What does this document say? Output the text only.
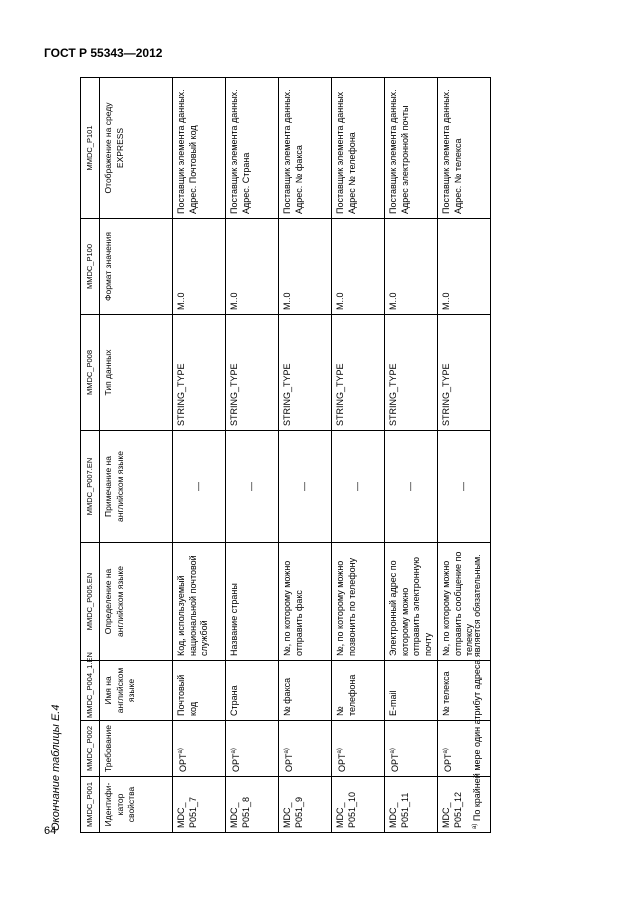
ГОСТ Р 55343—2012
Окончание таблицы Е.4	MMDC_P001	MMDC_P002	MMDC_P004_1.EN	MMDC_P005.EN	MMDC_P007.EN	MMDC_P008	MMDC_P100	MMDC_P101
Идентифи-катор свойства	Требование	Имя на английском языке	Определение на английском языке	Примечание на английском языке	Тип данных	Формат значения	Отображение на среду EXPRESS
MDC_ P051_7	OPT$^{a)}$	Почтовый код	Код, используемый национальной почтовой службой	—	STRING_TYPE	M..0	Поставщик элемента данных. Адрес. Почтовый код
MDC_ P051_8	OPT$^{a)}$	Страна	Название страны	—	STRING_TYPE	M..0	Поставщик элемента данных. Адрес. Страна
MDC_ P051_9	OPT$^{a)}$	№ факса	№, по которому можно отправить факс	—	STRING_TYPE	M..0	Поставщик элемента данных. Адрес. № факса
MDC_ P051_10	OPT$^{a)}$	№ телефона	№, по которому можно позвонить по телефону	—	STRING_TYPE	M..0	Поставщик элемента данных Адрес № телефона
MDC_ P051_11	OPT$^{a)}$	E-mail	Электронный адрес по которому можно отправить электронную почту	—	STRING_TYPE	M..0	Поставщик элемента данных. Адрес электронной почты
MDC_ P051_12	OPT$^{a)}$	№ телекса	№, по которому можно отправить сообщение по телексу	—	STRING_TYPE	M..0	Поставщик элемента данных. Адрес. № телекса
$^{a)}$ По крайней мере один атрибут адреса является обязательным.
64
